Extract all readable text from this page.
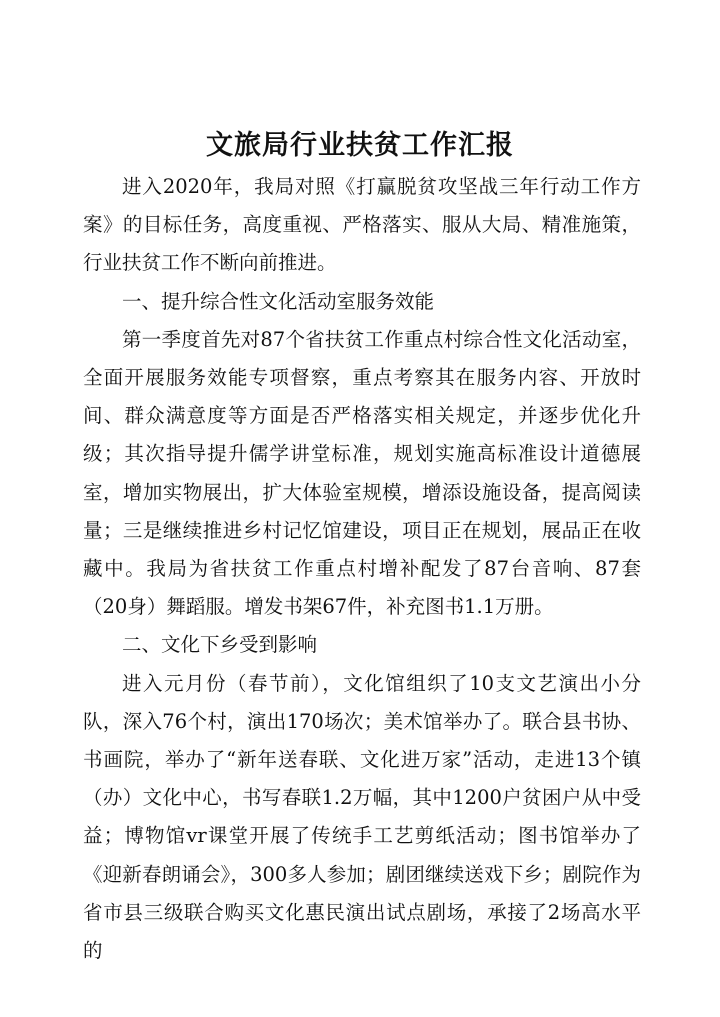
文旅局行业扶贫工作汇报

进入2020年，我局对照《打赢脱贫攻坚战三年行动工作方案》的目标任务，高度重视、严格落实、服从大局、精准施策，行业扶贫工作不断向前推进。

一、提升综合性文化活动室服务效能

第一季度首先对87个省扶贫工作重点村综合性文化活动室，全面开展服务效能专项督察，重点考察其在服务内容、开放时间、群众满意度等方面是否严格落实相关规定，并逐步优化升级；其次指导提升儒学讲堂标准，规划实施高标准设计道德展室，增加实物展出，扩大体验室规模，增添设施设备，提高阅读量；三是继续推进乡村记忆馆建设，项目正在规划，展品正在收藏中。我局为省扶贫工作重点村增补配发了87台音响、87套（20身）舞蹈服。增发书架67件，补充图书1.1万册。

二、文化下乡受到影响

进入元月份（春节前），文化馆组织了10支文艺演出小分队，深入76个村，演出170场次；美术馆举办了。联合县书协、书画院，举办了“新年送春联、文化进万家”活动，走进13个镇（办）文化中心，书写春联1.2万幅，其中1200户贫困户从中受益；博物馆vr课堂开展了传统手工艺剪纸活动；图书馆举办了《迎新春朗诵会》，300多人参加；剧团继续送戏下乡；剧院作为省市县三级联合购买文化惠民演出试点剧场，承接了2场高水平的
